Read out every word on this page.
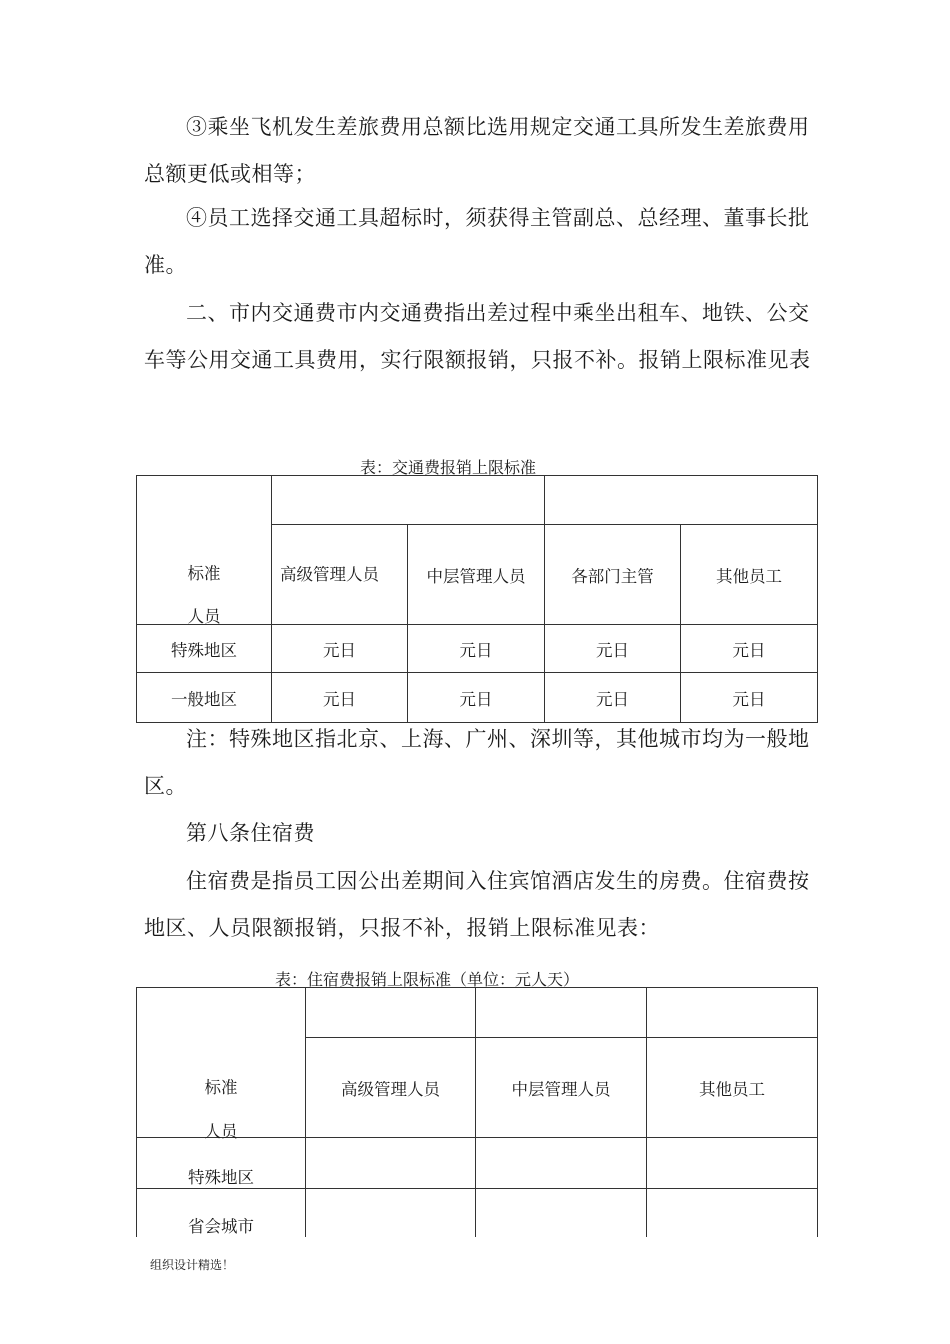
③乘坐飞机发生差旅费用总额比选用规定交通工具所发生差旅费用总额更低或相等；

④员工选择交通工具超标时，须获得主管副总、总经理、董事长批准。

二、市内交通费市内交通费指出差过程中乘坐出租车、地铁、公交车等公用交通工具费用，实行限额报销，只报不补。报销上限标准见表

表：交通费报销上限标准
标准
人员				

	高级管理人员	中层管理人员	各部门主管	其他员工
特殊地区	元日	元日	元日	元日
一般地区	元日	元日	元日	元日

注：特殊地区指北京、上海、广州、深圳等，其他城市均为一般地区。

第八条住宿费

住宿费是指员工因公出差期间入住宾馆酒店发生的房费。住宿费按地区、人员限额报销，只报不补，报销上限标准见表：

表：住宿费报销上限标准（单位：元人天）
标准
人员			

	高级管理人员	中层管理人员	其他员工
特殊地区			
省会城市			
组织设计精选！
